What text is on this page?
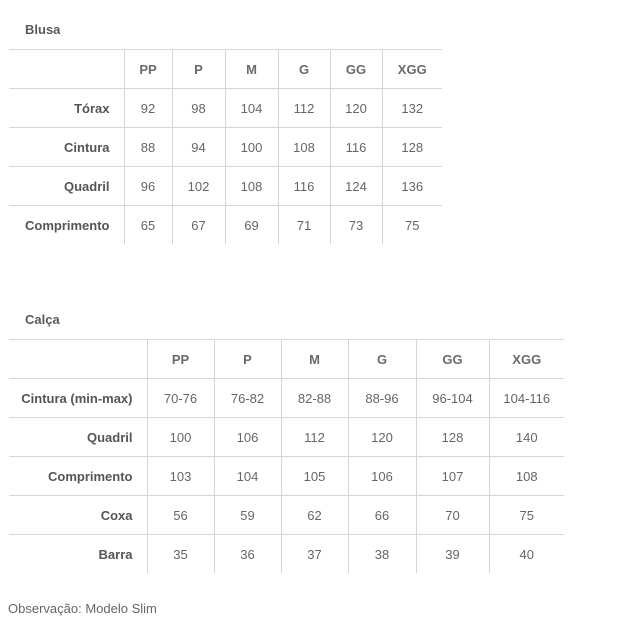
Blusa
	PP	P	M	G	GG	XGG
Tórax	92	98	104	112	120	132
Cintura	88	94	100	108	116	128
Quadril	96	102	108	116	124	136
Comprimento	65	67	69	71	73	75
Calça
	PP	P	M	G	GG	XGG
Cintura (min-max)	70-76	76-82	82-88	88-96	96-104	104-116
Quadril	100	106	112	120	128	140
Comprimento	103	104	105	106	107	108
Coxa	56	59	62	66	70	75
Barra	35	36	37	38	39	40
Observação: Modelo Slim
